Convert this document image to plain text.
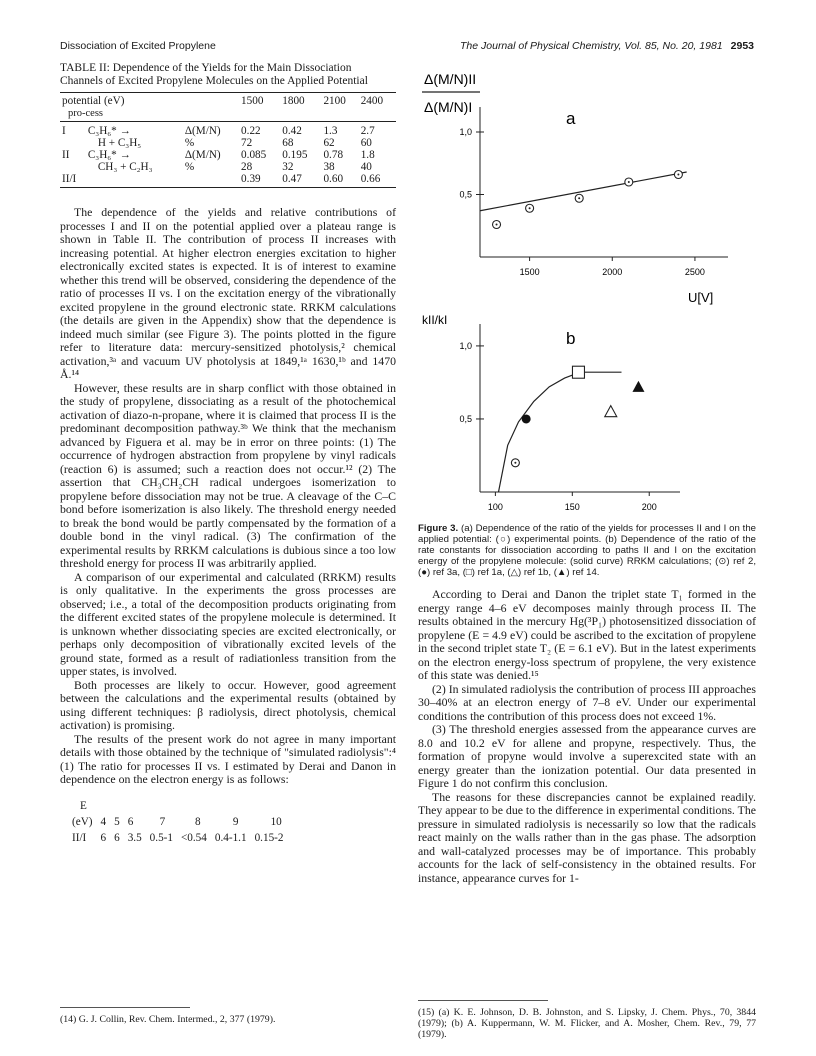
Dissociation of Excited Propylene	The Journal of Physical Chemistry, Vol. 85, No. 20, 1981 2953
TABLE II: Dependence of the Yields for the Main Dissociation Channels of Excited Propylene Molecules on the Applied Potential
potential (eV)
pro-cess			1500	1800	2100	2400
I	C₃H₆* →	Δ(M/N)	0.22	0.42	1.3	2.7
	H + C₃H₅	%	72	68	62	60
II	C₃H₆* →	Δ(M/N)	0.085	0.195	0.78	1.8
	CH₃ + C₂H₃	%	28	32	38	40
II/I			0.39	0.47	0.60	0.66

The dependence of the yields and relative contributions of processes I and II on the potential applied over a plateau range is shown in Table II. The contribution of process II increases with increasing potential. At higher electron energies excitation to higher electronically excited states is expected. It is of interest to examine whether this trend will be observed, considering the dependence of the ratio of processes II vs. I on the excitation energy of the vibrationally excited propylene in the ground electronic state. RRKM calculations (the details are given in the Appendix) show that the dependence is indeed much similar (see Figure 3). The points plotted in the figure refer to literature data: mercury-sensitized photolysis,² chemical activation,³ᵃ and vacuum UV photolysis at 1849,¹ᵃ 1630,¹ᵇ and 1470 Å.¹⁴

However, these results are in sharp conflict with those obtained in the study of propylene, dissociating as a result of the photochemical activation of diazo-n-propane, where it is claimed that process II is the predominant decomposition pathway.³ᵇ We think that the mechanism advanced by Figuera et al. may be in error on three points: (1) The occurrence of hydrogen abstraction from propylene by vinyl radicals (reaction 6) is assumed; such a reaction does not occur.¹² (2) The assertion that CH₃CH₂CH radical undergoes isomerization to propylene before dissociation may not be true. A cleavage of the C–C bond before isomerization is also likely. The threshold energy needed to break the bond would be partly compensated by the formation of a double bond in the vinyl radical. (3) The confirmation of the experimental results by RRKM calculations is dubious since a too low threshold energy for process II was arbitrarily applied.

A comparison of our experimental and calculated (RRKM) results is only qualitative. In the experiments the gross processes are observed; i.e., a total of the decomposition products originating from the different excited states of the propylene molecule is determined. It is unknown whether dissociating species are excited electronically, or perhaps only decomposition of vibrationally excited levels of the ground state, formed as a result of radiationless transition from the upper states, is involved.

Both processes are likely to occur. However, good agreement between the calculations and the experimental results (obtained by using different techniques: β radiolysis, direct photolysis, chemical activation) is promising.

The results of the present work do not agree in many important details with those obtained by the technique of "simulated radiolysis":⁴ (1) The ratio for processes II vs. I estimated by Derai and Danon in dependence on the electron energy is as follows:

E							
(eV)	4	5	6	7	8	9	10
II/I	6	6	3.5	0.5-1	<0.54	0.4-1.1	0.15-2
(14) G. J. Collin, Rev. Chem. Intermed., 2, 377 (1979).
Δ(M/N)II
Δ(M/N)I
a
U[V]
kII/kI
b
1500	2000	2500
0,5
1,0
100	150	200
0,5
1,0
Figure 3. (a) Dependence of the ratio of the yields for processes II and I on the applied potential: (○) experimental points. (b) Dependence of the ratio of the rate constants for dissociation according to paths II and I on the excitation energy of the propylene molecule: (solid curve) RRKM calculations; (⊙) ref 2, (●) ref 3a, (□) ref 1a, (△) ref 1b, (▲) ref 14.

According to Derai and Danon the triplet state T₁ formed in the energy range 4–6 eV decomposes mainly through process II. The results obtained in the mercury Hg(³P₁) photosensitized dissociation of propylene (E = 4.9 eV) could be ascribed to the excitation of propylene in the second triplet state T₂ (E = 6.1 eV). But in the latest experiments on the electron energy-loss spectrum of propylene, the very existence of this state was denied.¹⁵

(2) In simulated radiolysis the contribution of process III approaches 30–40% at an electron energy of 7–8 eV. Under our experimental conditions the contribution of this process does not exceed 1%.

(3) The threshold energies assessed from the appearance curves are 8.0 and 10.2 eV for allene and propyne, respectively. Thus, the formation of propyne would involve a superexcited state with an energy greater than the ionization potential. Our data presented in Figure 1 do not confirm this conclusion.

The reasons for these discrepancies cannot be explained readily. They appear to be due to the difference in experimental conditions. The pressure in simulated radiolysis is necessarily so low that the radicals react mainly on the walls rather than in the gas phase. The adsorption and wall-catalyzed processes may be of importance. This probably accounts for the lack of self-consistency in the obtained results. For instance, appearance curves for 1-

(15) (a) K. E. Johnson, D. B. Johnston, and S. Lipsky, J. Chem. Phys., 70, 3844 (1979); (b) A. Kuppermann, W. M. Flicker, and A. Mosher, Chem. Rev., 79, 77 (1979).
